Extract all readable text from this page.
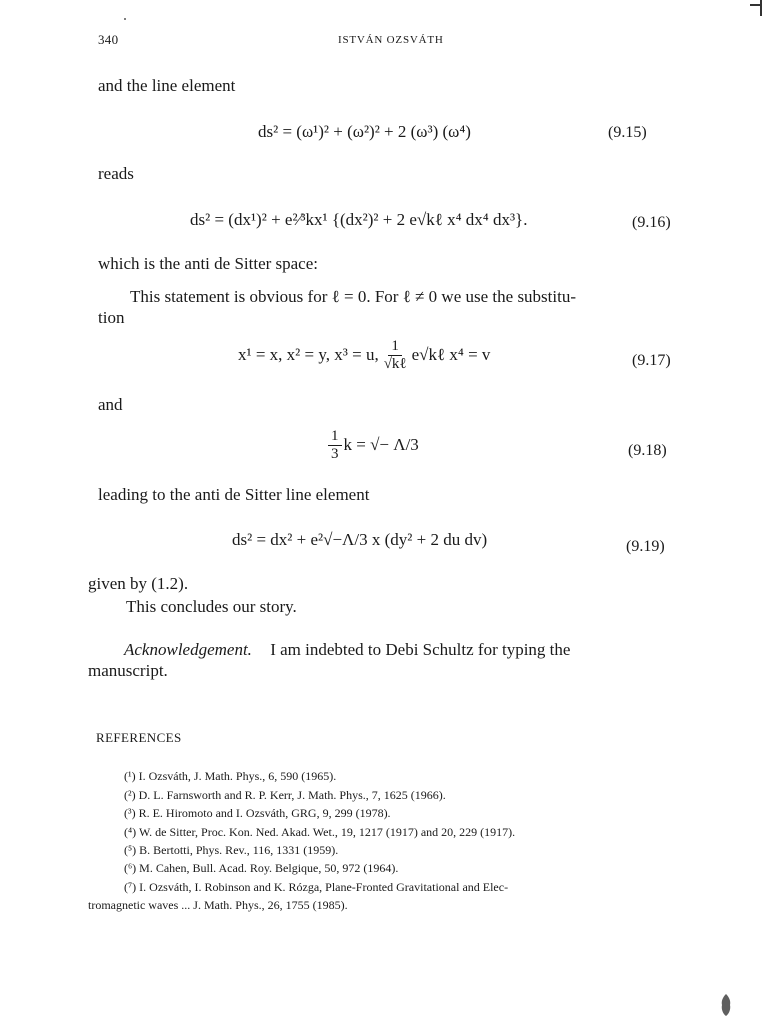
340	ISTVÁN OZSVÁTH
and the line element
ds² = (ω¹)² + (ω²)² + 2 (ω³) (ω⁴)	(9.15)
reads
ds² = (dx¹)² + e²⁄³kx¹ {(dx²)² + 2 e√kℓ x⁴ dx⁴ dx³}.	(9.16)
which is the anti de Sitter space:
This statement is obvious for ℓ = 0. For ℓ ≠ 0 we use the substitu-
tion
x¹ = x, x² = y, x³ = u, $\frac{1}{\text{√kℓ}}$ e√kℓ x⁴ = v	(9.17)
and
$\frac{1}{3}$ k = √− Λ/3	(9.18)
leading to the anti de Sitter line element
ds² = dx² + e²√−Λ/3 x (dy² + 2 du dv)	(9.19)
given by (1.2).
This concludes our story.
Acknowledgement. I am indebted to Debi Schultz for typing the
manuscript.
REFERENCES
(¹) I. Ozsváth, J. Math. Phys., 6, 590 (1965).
(²) D. L. Farnsworth and R. P. Kerr, J. Math. Phys., 7, 1625 (1966).
(³) R. E. Hiromoto and I. Ozsváth, GRG, 9, 299 (1978).
(⁴) W. de Sitter, Proc. Kon. Ned. Akad. Wet., 19, 1217 (1917) and 20, 229 (1917).
(⁵) B. Bertotti, Phys. Rev., 116, 1331 (1959).
(⁶) M. Cahen, Bull. Acad. Roy. Belgique, 50, 972 (1964).
(⁷) I. Ozsváth, I. Robinson and K. Rózga, Plane-Fronted Gravitational and Elec-
tromagnetic waves ... J. Math. Phys., 26, 1755 (1985).
